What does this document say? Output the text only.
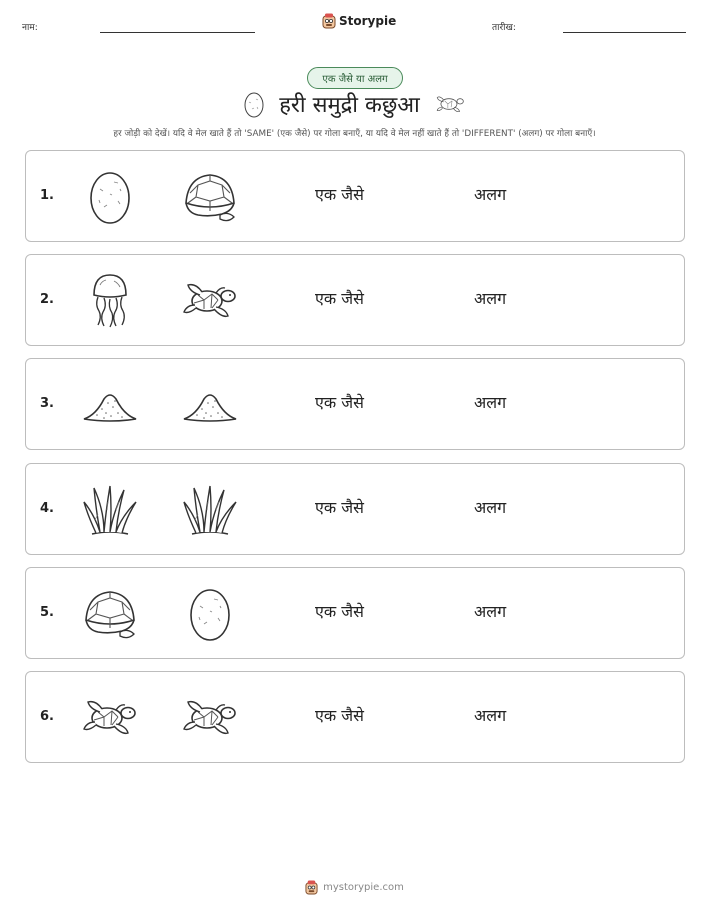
नाम:	Storypie	तारीख:
एक जैसे या अलग
हरी समुद्री कछुआ
हर जोड़ी को देखें। यदि वे मेल खाते हैं तो 'SAME' (एक जैसे) पर गोला बनाएँ, या यदि वे मेल नहीं खाते हैं तो 'DIFFERENT' (अलग) पर गोला बनाएँ।
1.	एक जैसे	अलग
2.	एक जैसे	अलग
3.	एक जैसे	अलग
4.	एक जैसे	अलग
5.	एक जैसे	अलग
6.	एक जैसे	अलग
mystorypie.com
